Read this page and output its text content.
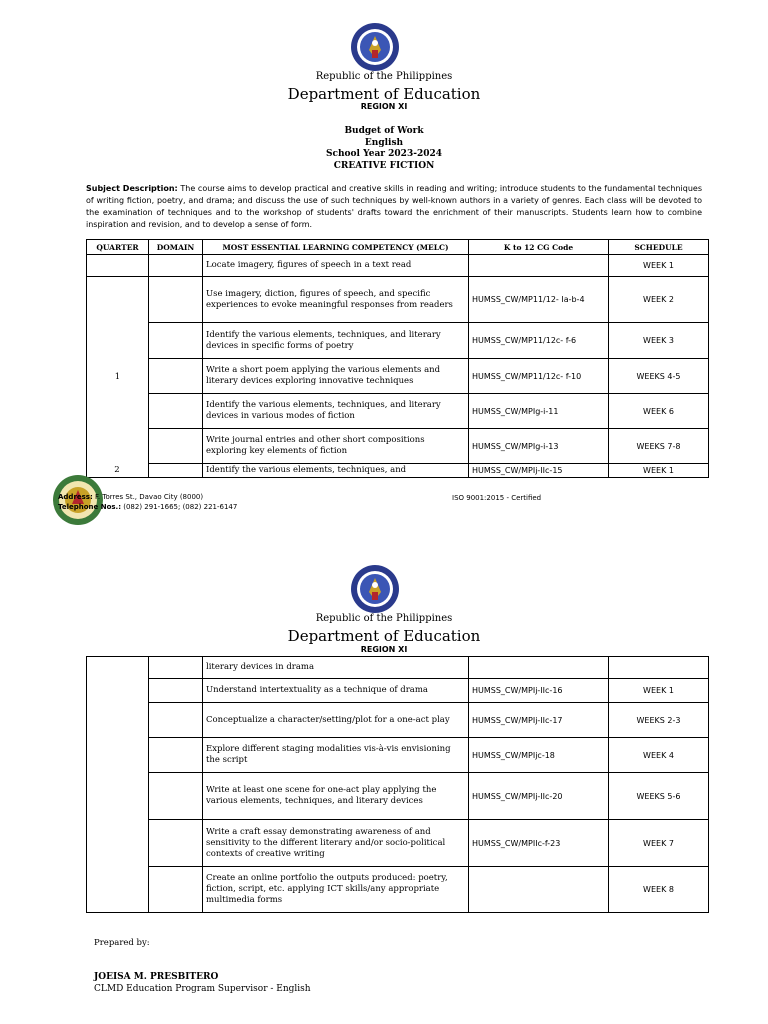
Republic of the Philippines
Department of Education
REGION XI
Budget of Work
English
School Year 2023-2024
CREATIVE FICTION
Subject Description: The course aims to develop practical and creative skills in reading and writing; introduce students to the fundamental techniques of writing fiction, poetry, and drama; and discuss the use of such techniques by well-known authors in a variety of genres. Each class will be devoted to the examination of techniques and to the workshop of students' drafts toward the enrichment of their manuscripts. Students learn how to combine inspiration and revision, and to develop a sense of form.
QUARTER	DOMAIN	MOST ESSENTIAL LEARNING COMPETENCY (MELC)	K to 12 CG Code	SCHEDULE
		Locate imagery, figures of speech in a text read		WEEK 1
1		Use imagery, diction, figures of speech, and specific experiences to evoke meaningful responses from readers	HUMSS_CW/MP11/12- Ia-b-4	WEEK 2
		Identify the various elements, techniques, and literary devices in specific forms of poetry	HUMSS_CW/MP11/12c- f-6	WEEK 3
		Write a short poem applying the various elements and literary devices exploring innovative techniques	HUMSS_CW/MP11/12c- f-10	WEEKS 4-5
		Identify the various elements, techniques, and literary devices in various modes of fiction	HUMSS_CW/MPIg-i-11	WEEK 6
		Write journal entries and other short compositions exploring key elements of fiction	HUMSS_CW/MPIg-i-13	WEEKS 7-8
		Identify the various elements, techniques, and	HUMSS_CW/MPIj-IIc-15	WEEK 1
2
Address: F. Torres St., Davao City (8000)
Telephone Nos.: (082) 291-1665; (082) 221-6147
ISO 9001:2015 - Certified
Republic of the Philippines
Department of Education
REGION XI
		literary devices in drama		
		Understand intertextuality as a technique of drama	HUMSS_CW/MPIj-IIc-16	WEEK 1
		Conceptualize a character/setting/plot for a one-act play	HUMSS_CW/MPIj-IIc-17	WEEKS 2-3
		Explore different staging modalities vis-à-vis envisioning the script	HUMSS_CW/MPIjc-18	WEEK 4
		Write at least one scene for one-act play applying the various elements, techniques, and literary devices	HUMSS_CW/MPIj-IIc-20	WEEKS 5-6
		Write a craft essay demonstrating awareness of and sensitivity to the different literary and/or socio-political contexts of creative writing	HUMSS_CW/MPIIc-f-23	WEEK 7
		Create an online portfolio the outputs produced: poetry, fiction, script, etc. applying ICT skills/any appropriate multimedia forms		WEEK 8
Prepared by:
JOEISA M. PRESBITERO
CLMD Education Program Supervisor - English
